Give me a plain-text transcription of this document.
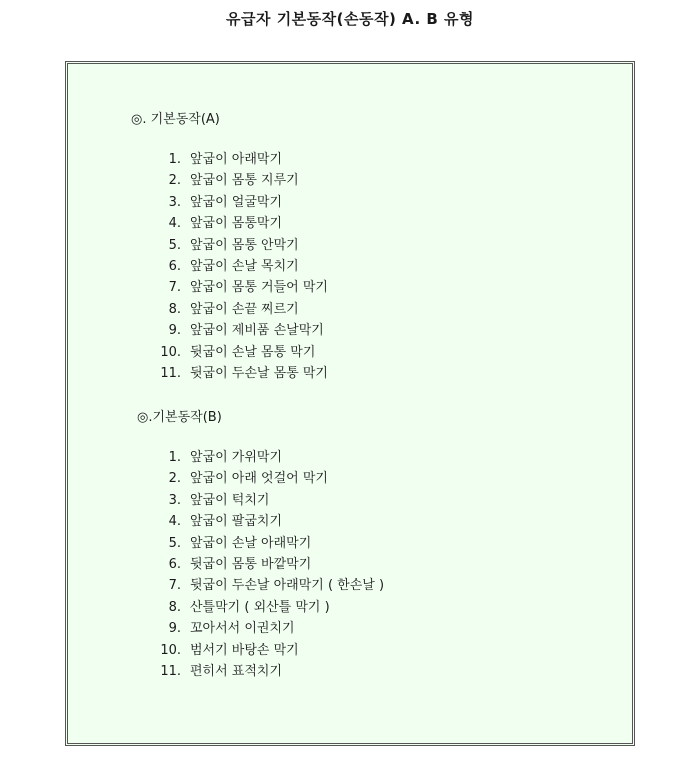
유급자 기본동작(손동작) A. B 유형
◎. 기본동작(A)
1. 앞굽이 아래막기
2. 앞굽이 몸통 지루기
3. 앞굽이 얼굴막기
4. 앞굽이 몸통막기
5. 앞굽이 몸통 안막기
6. 앞굽이 손날 목치기
7. 앞굽이 몸통 거들어 막기
8. 앞굽이 손끝 찌르기
9. 앞굽이 제비품 손날막기
10. 뒷굽이 손날 몸통 막기
11. 뒷굽이 두손날 몸통 막기
◎.기본동작(B)
1. 앞굽이 가위막기
2. 앞굽이 아래 엇걸어 막기
3. 앞굽이 턱치기
4. 앞굽이 팔굽치기
5. 앞굽이 손날 아래막기
6. 뒷굽이 몸통 바깥막기
7. 뒷굽이 두손날 아래막기 ( 한손날 )
8. 산틀막기 ( 외산틀 막기 )
9. 꼬아서서 이권치기
10. 범서기 바탕손 막기
11. 편히서 표적치기
